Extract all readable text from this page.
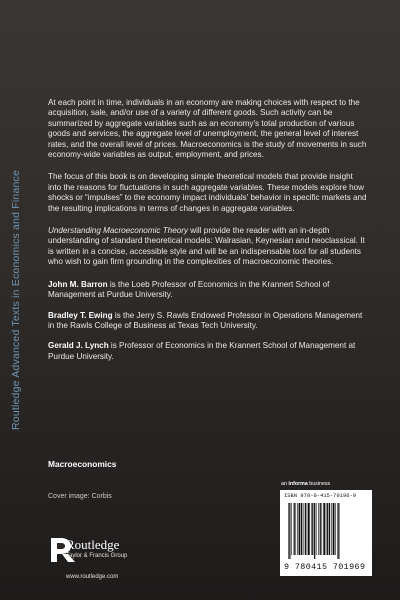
Routledge Advanced Texts in Economics and Finance

At each point in time, individuals in an economy are making choices with respect to the acquisition, sale, and/or use of a variety of different goods. Such activity can be summarized by aggregate variables such as an economy's total production of various goods and services, the aggregate level of unemployment, the general level of interest rates, and the overall level of prices. Macroeconomics is the study of movements in such economy-wide variables as output, employment, and prices.

The focus of this book is on developing simple theoretical models that provide insight into the reasons for fluctuations in such aggregate variables. These models explore how shocks or “impulses” to the economy impact individuals' behavior in specific markets and the resulting implications in terms of changes in aggregate variables.

Understanding Macroeconomic Theory will provide the reader with an in-depth understanding of standard theoretical models: Walrasian, Keynesian and neoclassical. It is written in a concise, accessible style and will be an indispensable tool for all students who wish to gain firm grounding in the complexities of macroeconomic theories.

John M. Barron is the Loeb Professor of Economics in the Krannert School of Management at Purdue University.

Bradley T. Ewing is the Jerry S. Rawls Endowed Professor in Operations Management in the Rawls College of Business at Texas Tech University.

Gerald J. Lynch is Professor of Economics in the Krannert School of Management at Purdue University.

Macroeconomics
Cover image: Corbis
Routledge
Taylor & Francis Group
www.routledge.com
an informa business
ISBN 978-0-415-70196-9
9 780415 701969
